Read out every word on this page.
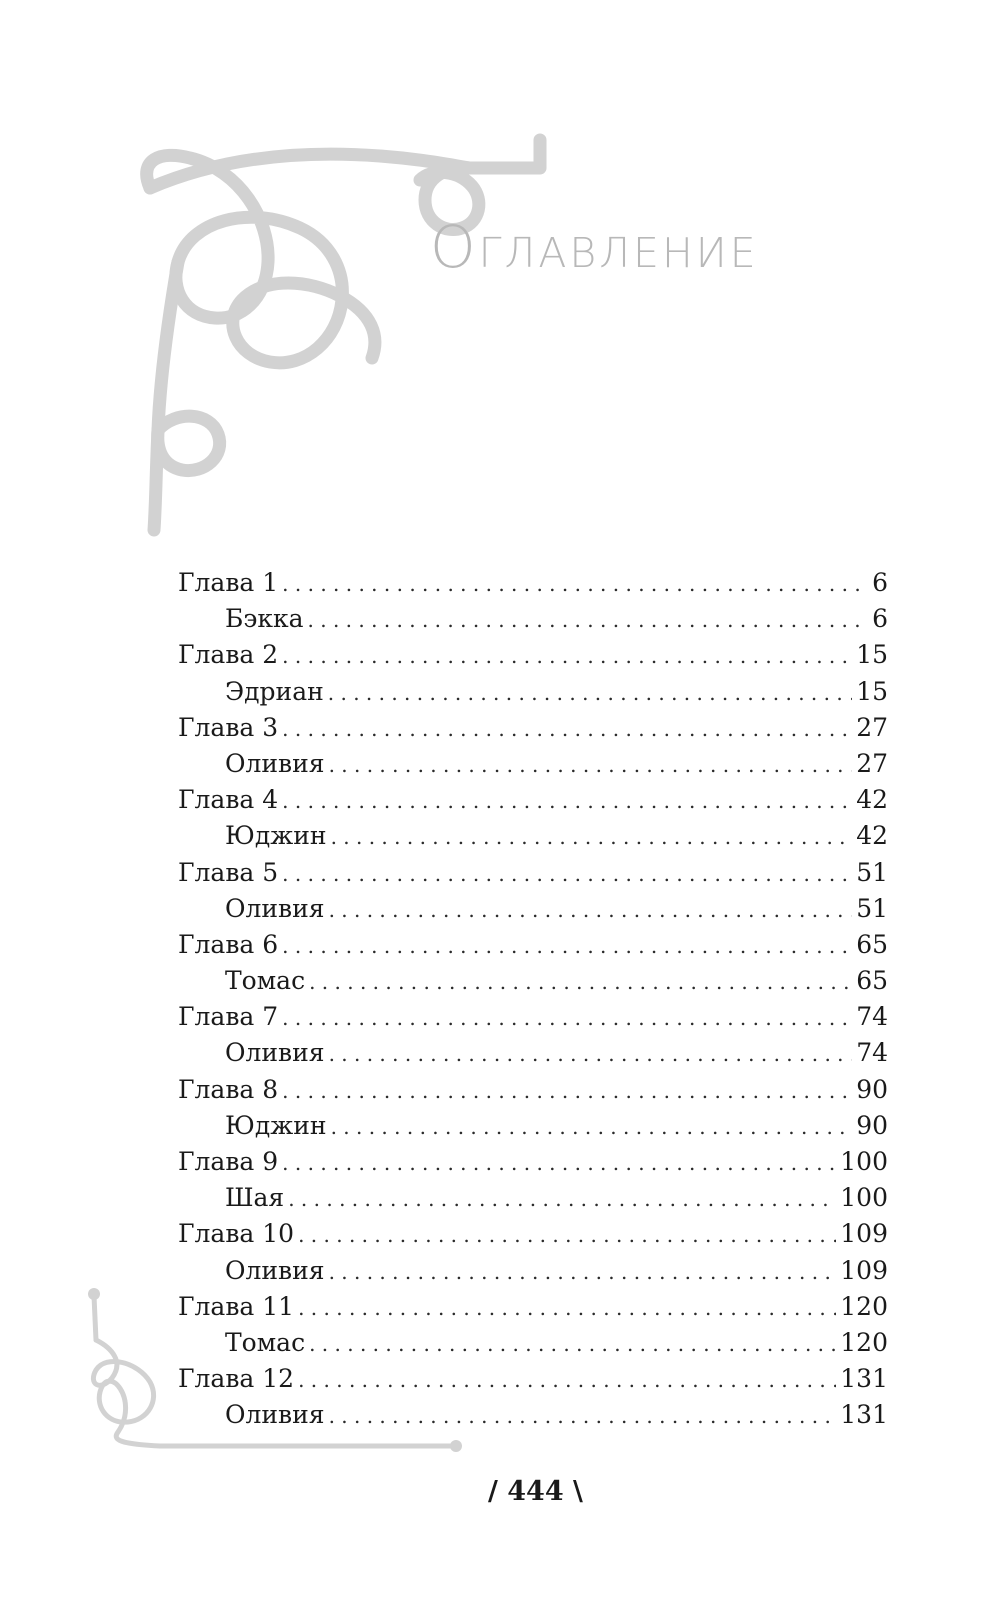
Оглавление
Глава 1 . . .	6
Бэкка . . .	6
Глава 2 . . .	15
Эдриан . . .	15
Глава 3 . . .	27
Оливия . . .	27
Глава 4 . . .	42
Юджин . . .	42
Глава 5 . . .	51
Оливия . . .	51
Глава 6 . . .	65
Томас . . .	65
Глава 7 . . .	74
Оливия . . .	74
Глава 8 . . .	90
Юджин . . .	90
Глава 9 . . .	100
Шая . . .	100
Глава 10 . . .	109
Оливия . . .	109
Глава 11 . . .	120
Томас . . .	120
Глава 12 . . .	131
Оливия . . .	131
/ 444 \
